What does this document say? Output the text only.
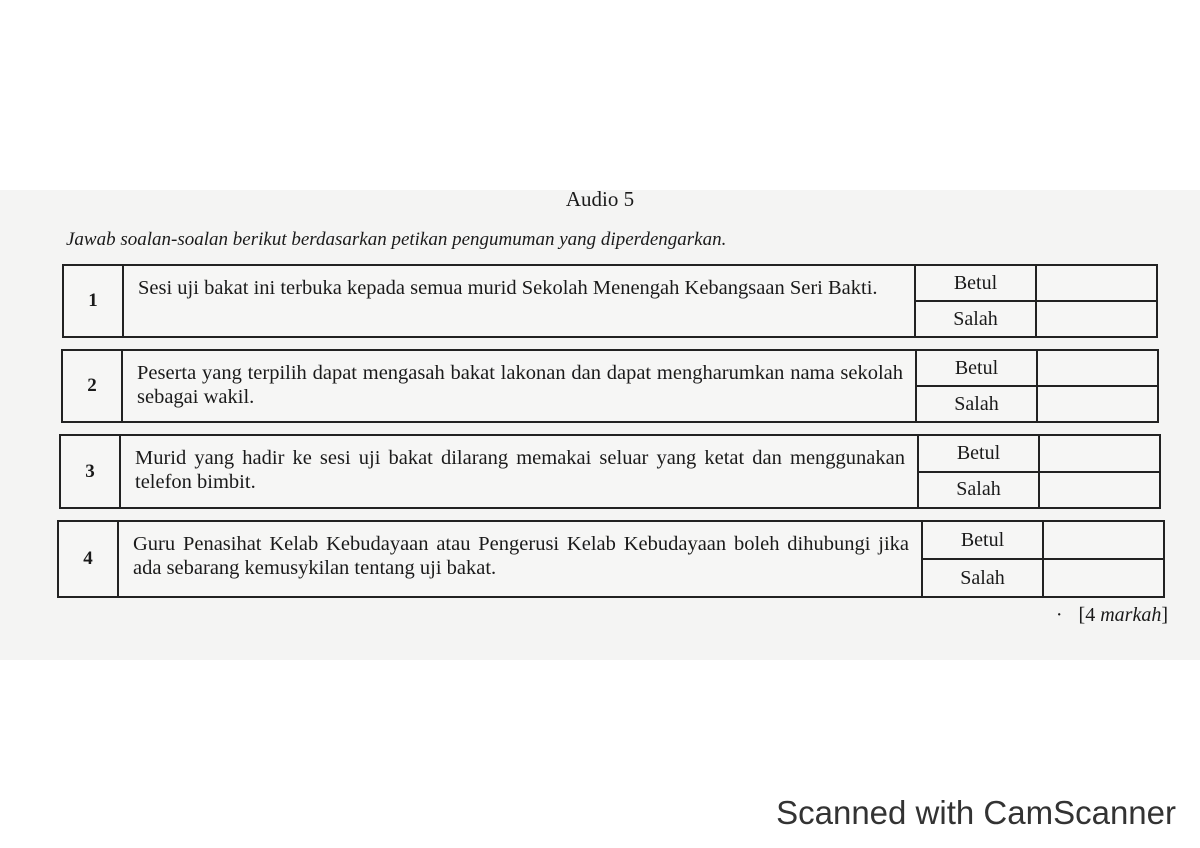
Audio 5
Jawab soalan-soalan berikut berdasarkan petikan pengumuman yang diperdengarkan.
1
Sesi uji bakat ini terbuka kepada semua murid Sekolah Menengah Kebangsaan Seri Bakti.	Betul
Salah
2
Peserta yang terpilih dapat mengasah bakat lakonan dan dapat mengharumkan nama sekolah sebagai wakil.
Betul
Salah
3
Murid yang hadir ke sesi uji bakat dilarang memakai seluar yang ketat dan menggunakan telefon bimbit.
Betul
Salah
4
Guru Penasihat Kelab Kebudayaan atau Pengerusi Kelab Kebudayaan boleh dihubungi jika ada sebarang kemusykilan tentang uji bakat.
Betul
Salah
· [4 markah]
Scanned with CamScanner
